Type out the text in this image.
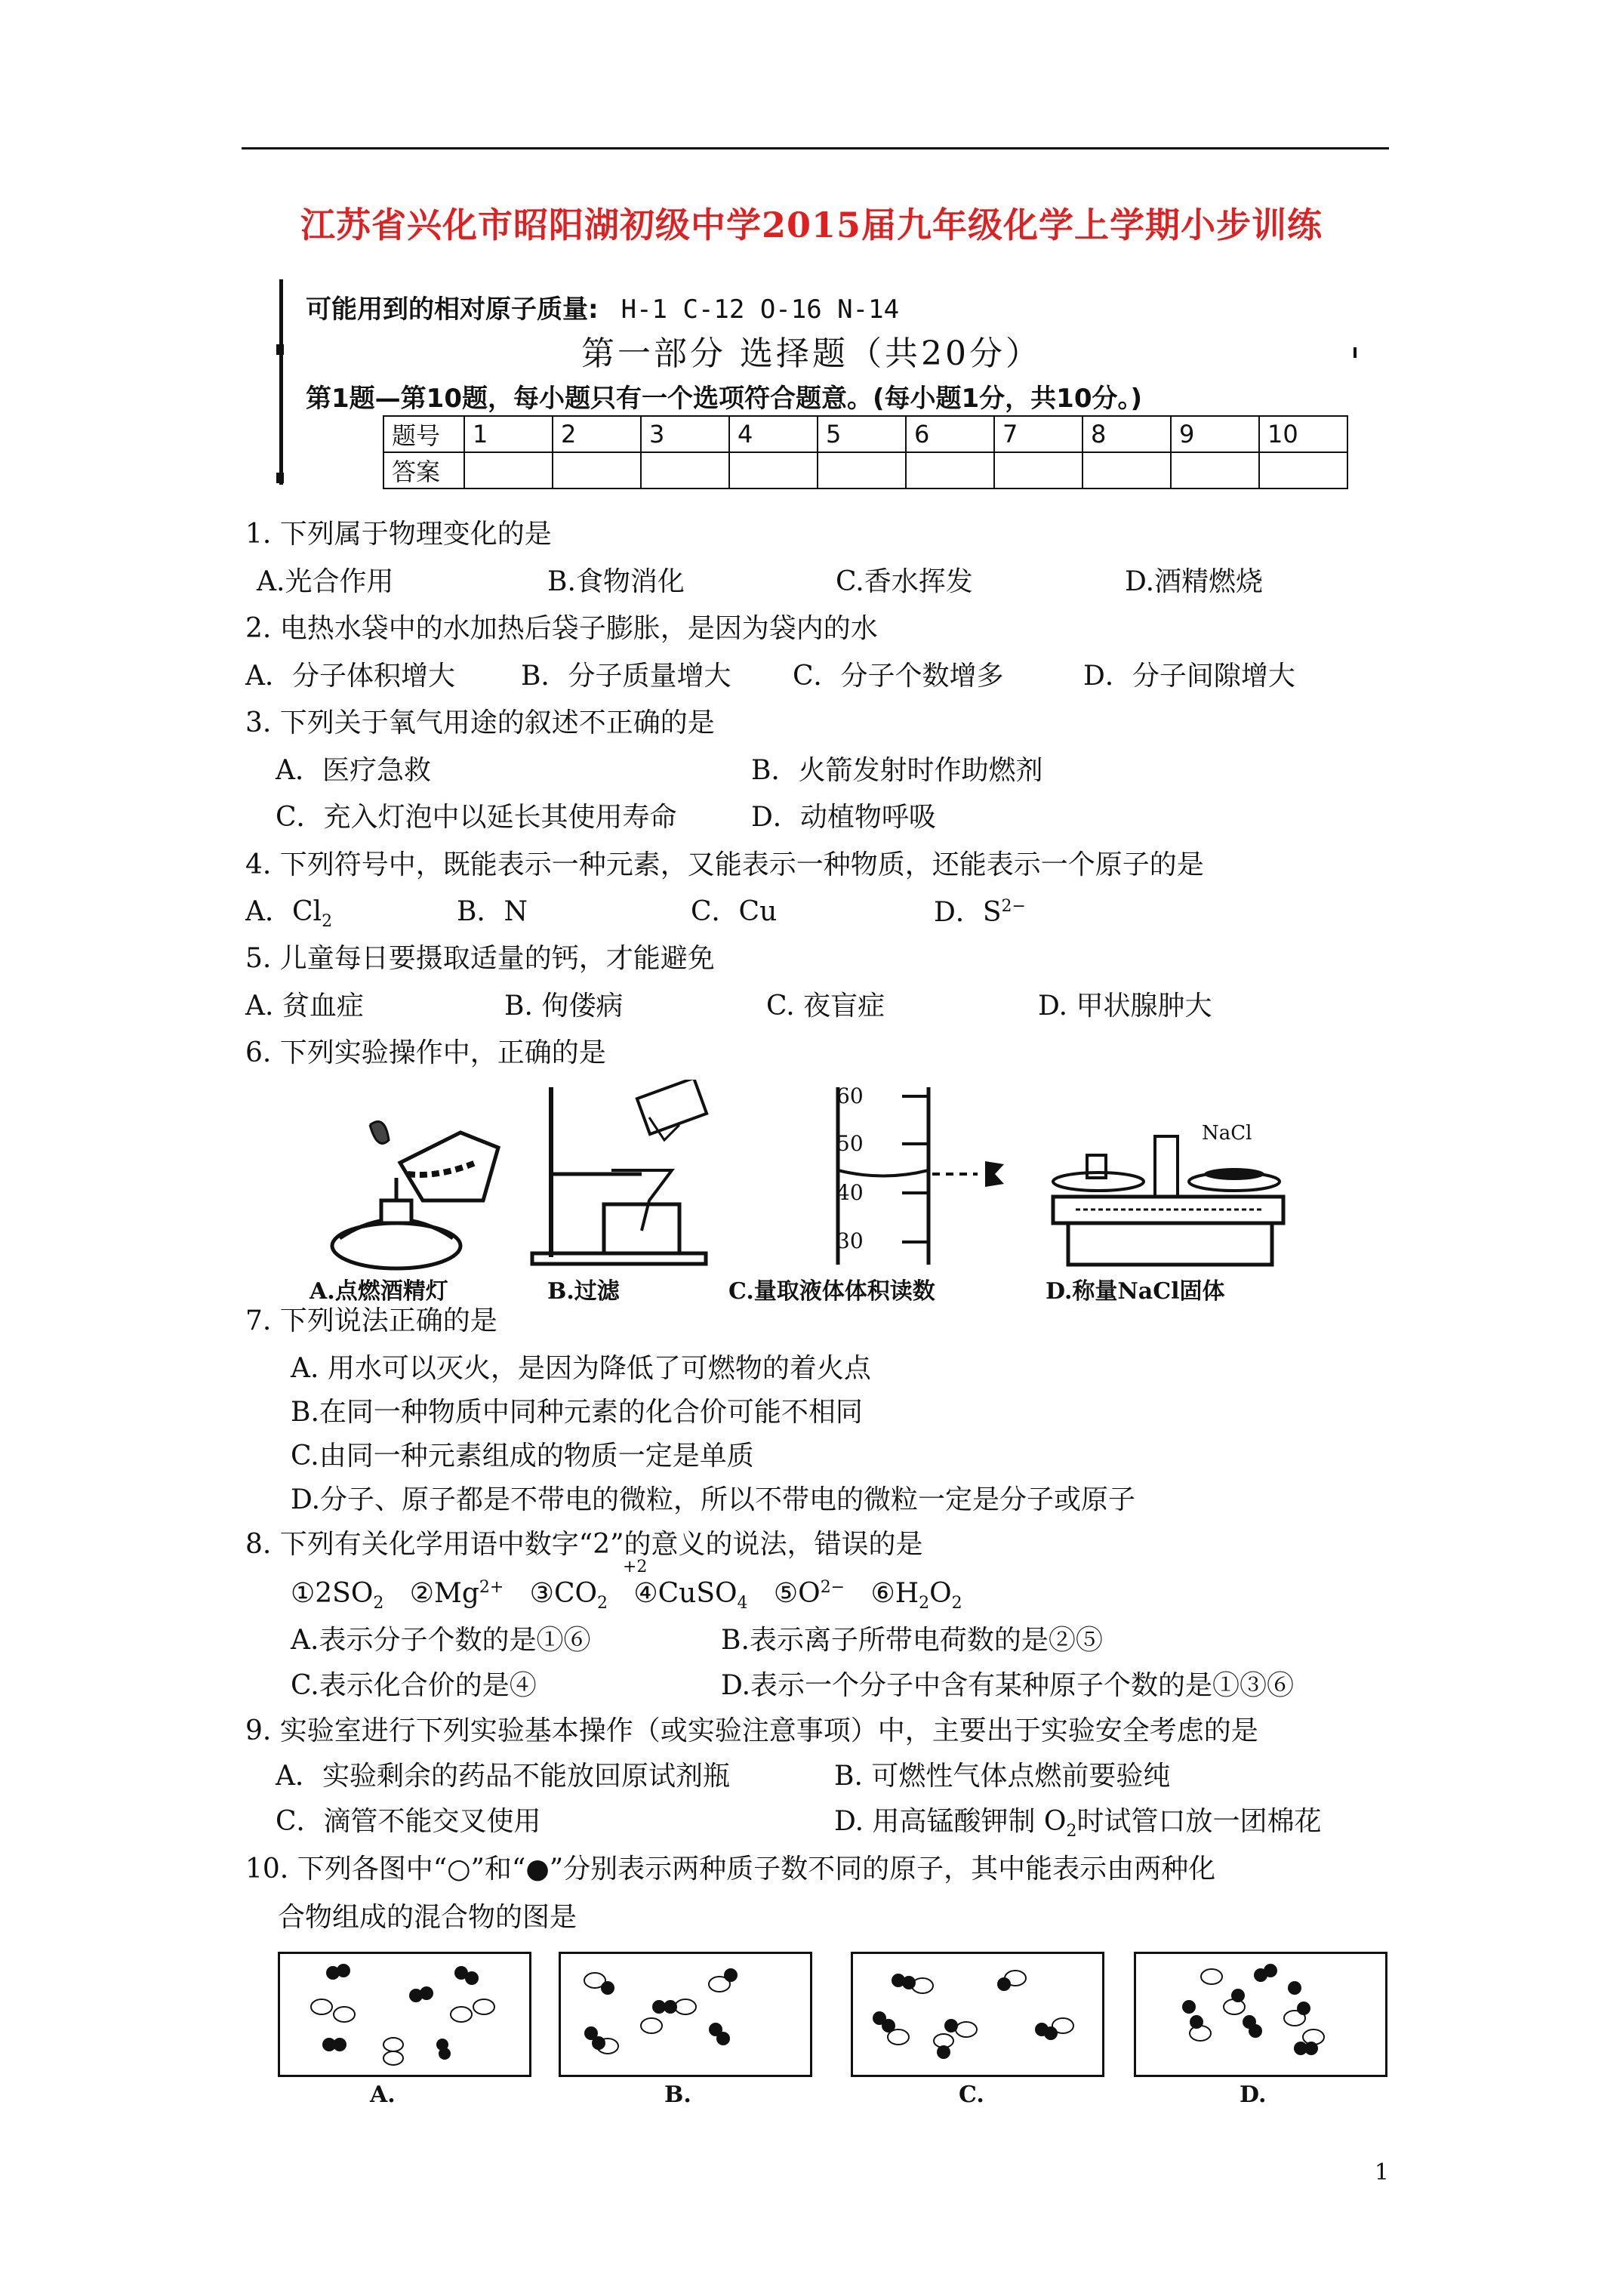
江苏省兴化市昭阳湖初级中学2015届九年级化学上学期小步训练
可能用到的相对原子质量: H-1 C-12 O-16 N-14
第一部分 选择题（共20分）
第1题—第10题，每小题只有一个选项符合题意。(每小题1分，共10分。)
题号	1	2	3	4	5	6	7	8	9	10
答案										
1. 下列属于物理变化的是
A.光合作用	B.食物消化	C.香水挥发	D.酒精燃烧
2. 电热水袋中的水加热后袋子膨胀，是因为袋内的水
A．分子体积增大 B．分子质量增大 C．分子个数增多	D．分子间隙增大
3. 下列关于氧气用途的叙述不正确的是
A．医疗急救	B．火箭发射时作助燃剂
C．充入灯泡中以延长其使用寿命	D．动植物呼吸
4. 下列符号中，既能表示一种元素，又能表示一种物质，还能表示一个原子的是
A．$Cl_2$	B．N	C．Cu	D．$S^{2-}$
5. 儿童每日要摄取适量的钙，才能避免
A. 贫血症	B. 佝偻病	C. 夜盲症	D. 甲状腺肿大
6. 下列实验操作中，正确的是
A.点燃酒精灯	B.过滤
60
50
40
30
C.量取液体体积读数
NaCl
D.称量NaCl固体
7. 下列说法正确的是
A. 用水可以灭火，是因为降低了可燃物的着火点
B.在同一种物质中同种元素的化合价可能不相同
C.由同一种元素组成的物质一定是单质
D.分子、原子都是不带电的微粒，所以不带电的微粒一定是分子或原子
8. 下列有关化学用语中数字“2”的意义的说法，错误的是
+2
$①2SO_2$ $②Mg^{2+}$ $③CO_2$ ④CuSO$_4$ $⑤O^{2-}$ $⑥H_2O_2$
A.表示分子个数的是①⑥	B.表示离子所带电荷数的是②⑤
C.表示化合价的是④	D.表示一个分子中含有某种原子个数的是①③⑥
9. 实验室进行下列实验基本操作（或实验注意事项）中，主要出于实验安全考虑的是
A．实验剩余的药品不能放回原试剂瓶	B. 可燃性气体点燃前要验纯
C．滴管不能交叉使用	D. 用高锰酸钾制 $O_2$时试管口放一团棉花
10. 下列各图中“○”和“●”分别表示两种质子数不同的原子，其中能表示由两种化
合物组成的混合物的图是
A.	B.	C.	D.
1
